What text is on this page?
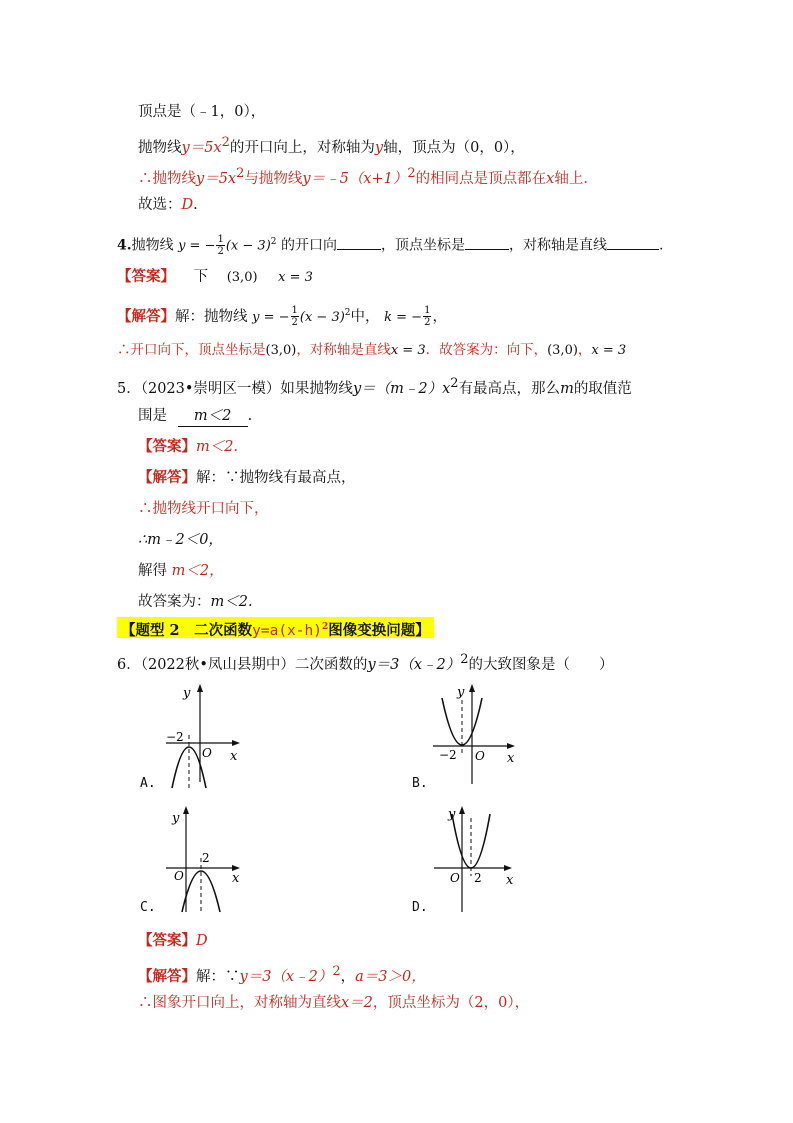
顶点是（﹣1，0），
抛物线$y=5x^2$的开口向上，对称轴为y轴，顶点为（0，0），
∴抛物线$y=5x^2$与抛物线$y=﹣5(x+1)^2$的相同点是顶点都在x轴上.
故选：D.
4.抛物线 y = − $\frac{1}{2} (x - 3)^2$ 的开口向	，顶点坐标是	，对称轴是直线	.
【答案】 下 (3,0) x = 3
【解答】解：抛物线 y = − $\frac{1}{2} (x - 3)^2$中， k = − $\frac{1}{2}$ ，
∴开口向下，顶点坐标是(3,0)，对称轴是直线x = 3．故答案为：向下，(3,0)，x = 3
5．（2023•崇明区一模）如果抛物线$y=(m﹣2)x^2$有最高点，那么m的取值范
围是 m＜2 .
【答案】m＜2.
【解答】解：∵抛物线有最高点，
∴抛物线开口向下，
∴m﹣2＜0，
解得 m＜2，
故答案为：m＜2.
【题型 2　二次函数$y=a(x-h)^2$图像变换问题】
6．（2022秋•凤山县期中）二次函数的y＝3（x﹣2）$^2$的大致图象是（　　）
y
−2
O x
A.
y
−2 O x
B.
y
2
O	x
C.
y
O 2 x
D.
【答案】D
【解答】解：∵y＝3（x﹣2）$^2$，a＝3＞0，
∴图象开口向上，对称轴为直线x＝2，顶点坐标为（2，0），
